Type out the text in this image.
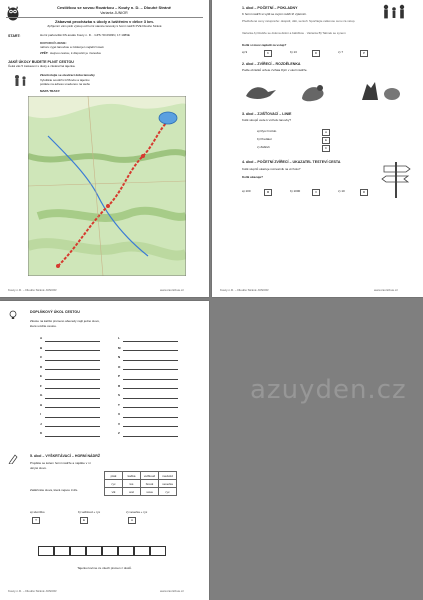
Cestičkou se sovou Rozárkou – Kouty n. D. – Dlouhé Stráně
Varianta JUNIOR
Zábavná procházka s úkoly a luštěním v délce 3 km.
Zpříjemní vám pěší výstup od horní stanice lanovky k horní nádrži PVE Dlouhé Stráně
START:	Horní parkoviště DS areálu Kouty n. D. · GPS: 50.0903N, 17.1089E
DOPORUČUJEME:
nahoru vyjet lanovkou a zdolat jen nejlehčí úsek
ZPĚT: stejnou cestou, k dispozici je i lanovka
JAKÉ ÚKOLY BUDETE PLNIT CESTOU
Čeká vás 5 zastavení s úkoly a závěrečná tajenka.
Zkontrolujte se otevírací dobu lanovky
Vyluštěte soutěžní křížovku a tajenku
pošlete na adresu uvedenou na webu
MAPA TRASY:
Kouty n.D. – Dlouhé Stráně JUNIOR	www.zavrtcbus.cz
1. úkol – POČETNÍ – POKLADNY
K horní nádrži si vyšli se svými rodiči tři výletníci.
Předložené ceny vstupného: dospělí, děti, senioři. Spočítejte celkovou cenu za vstup.
Varianta A) Rodiče se dvěma dětmi a babičkou · Varianta B) Tatínek se synem
Kolik si musí zaplatit za vstup?
a) 9	K	b) 13	D	c) 7	P
2. úkol – ZVÍŘECÍ – ROZDĚLENKA
Podle obrázků určete zvířata žijící v okolí nádrže.
3. úkol – ZJIŠŤOVACÍ – LINIE
Kolik sloupů vede k vrcholu lanovky?
a) Rysí hnízdo	A
b) Predátor	E
c) Zábřeh	C
4. úkol – POČETNÍ ZVÍŘECÍ – UKAZATEL TESTEVÍ CESTA
Kolik stupňů ukazuje rozcestník na vrcholu?
Kolik ukazuje?
a) 100	M	b) 1000	V	c) 10	R
Kouty n.D. – Dlouhé Stráně JUNIOR	www.zavrtcbus.cz
DOPLŇKOVÝ ÚKOL CESTOU
Zkuste na každé písmeno abecedy najít jedno slovo,
které uvidíte cestou.
A
B
C
D
E
F
G
H
I
J
K
L
M
N
O
P
R
S
T
U
V
Z
5. úkol – VYŠKRTÁVACÍ – HORNÍ NÁDRŽ
Projděte se kolem horní nádrže a najděte v ní
ukryté slovo.
pták	kačka	velbloud	medvěd
ryx	los	brouk	veverka
vlk	orel	sova	ryx
Zaškrtněte slova, která nejsou zvíře.
a) sluníčko
T
b) velbloud + ryx
E
c) veverka + ryx
A
Tajenku lovíme ze všech písmen z úkolů.
Kouty n.D. – Dlouhé Stráně JUNIOR	www.zavrtcbus.cz
azuyden.cz
